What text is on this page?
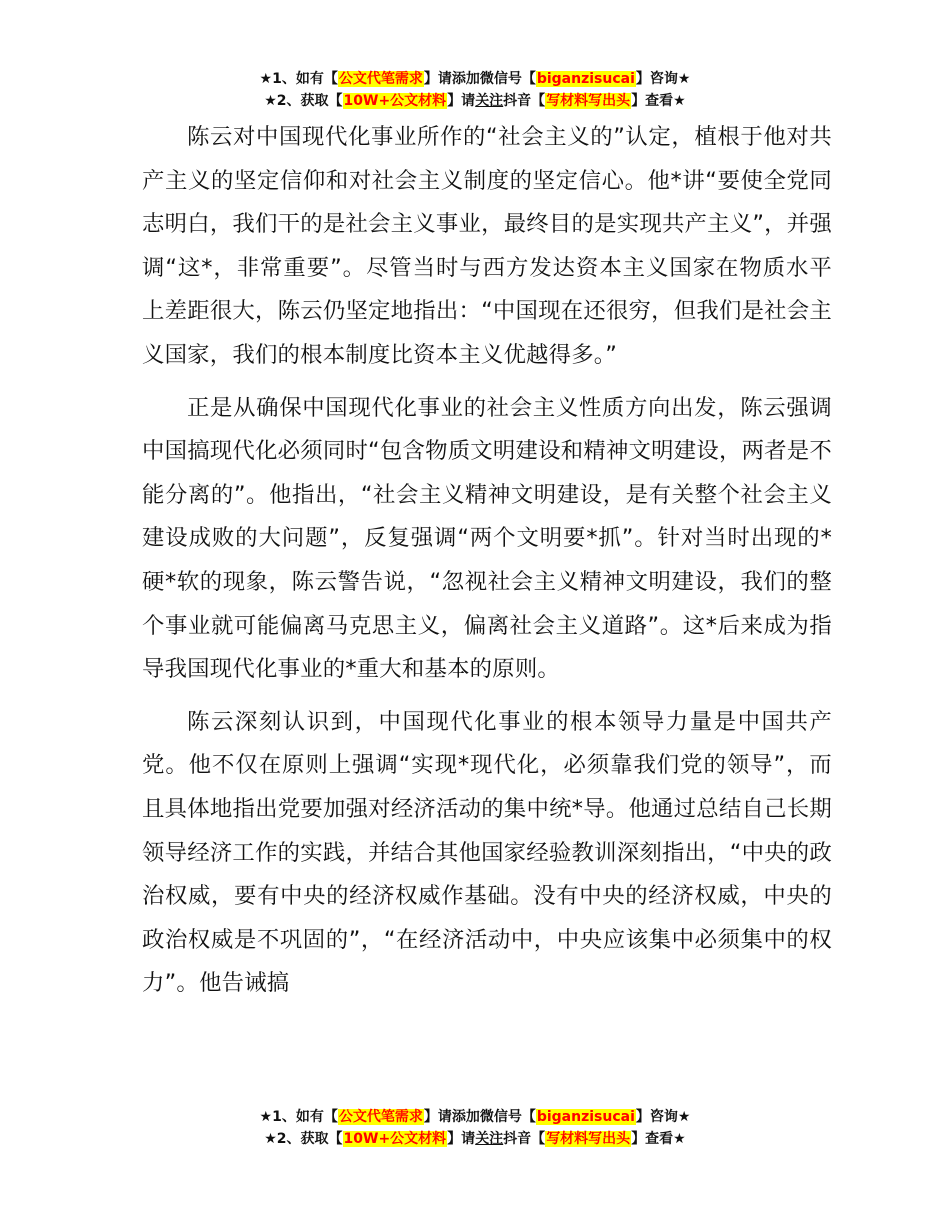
★1、如有【公文代笔需求】请添加微信号【biganzisucai】咨询★
★2、获取【10W+公文材料】请关注抖音【写材料写出头】查看★

陈云对中国现代化事业所作的“社会主义的”认定，植根于他对共产主义的坚定信仰和对社会主义制度的坚定信心。他*讲“要使全党同志明白，我们干的是社会主义事业，最终目的是实现共产主义”，并强调“这*，非常重要”。尽管当时与西方发达资本主义国家在物质水平上差距很大，陈云仍坚定地指出：“中国现在还很穷，但我们是社会主义国家，我们的根本制度比资本主义优越得多。”

正是从确保中国现代化事业的社会主义性质方向出发，陈云强调中国搞现代化必须同时“包含物质文明建设和精神文明建设，两者是不能分离的”。他指出，“社会主义精神文明建设，是有关整个社会主义建设成败的大问题”，反复强调“两个文明要*抓”。针对当时出现的*硬*软的现象，陈云警告说，“忽视社会主义精神文明建设，我们的整个事业就可能偏离马克思主义，偏离社会主义道路”。这*后来成为指导我国现代化事业的*重大和基本的原则。

陈云深刻认识到，中国现代化事业的根本领导力量是中国共产党。他不仅在原则上强调“实现*现代化，必须靠我们党的领导”，而且具体地指出党要加强对经济活动的集中统*导。他通过总结自己长期领导经济工作的实践，并结合其他国家经验教训深刻指出，“中央的政治权威，要有中央的经济权威作基础。没有中央的经济权威，中央的政治权威是不巩固的”，“在经济活动中，中央应该集中必须集中的权力”。他告诫搞

★1、如有【公文代笔需求】请添加微信号【biganzisucai】咨询★
★2、获取【10W+公文材料】请关注抖音【写材料写出头】查看★
